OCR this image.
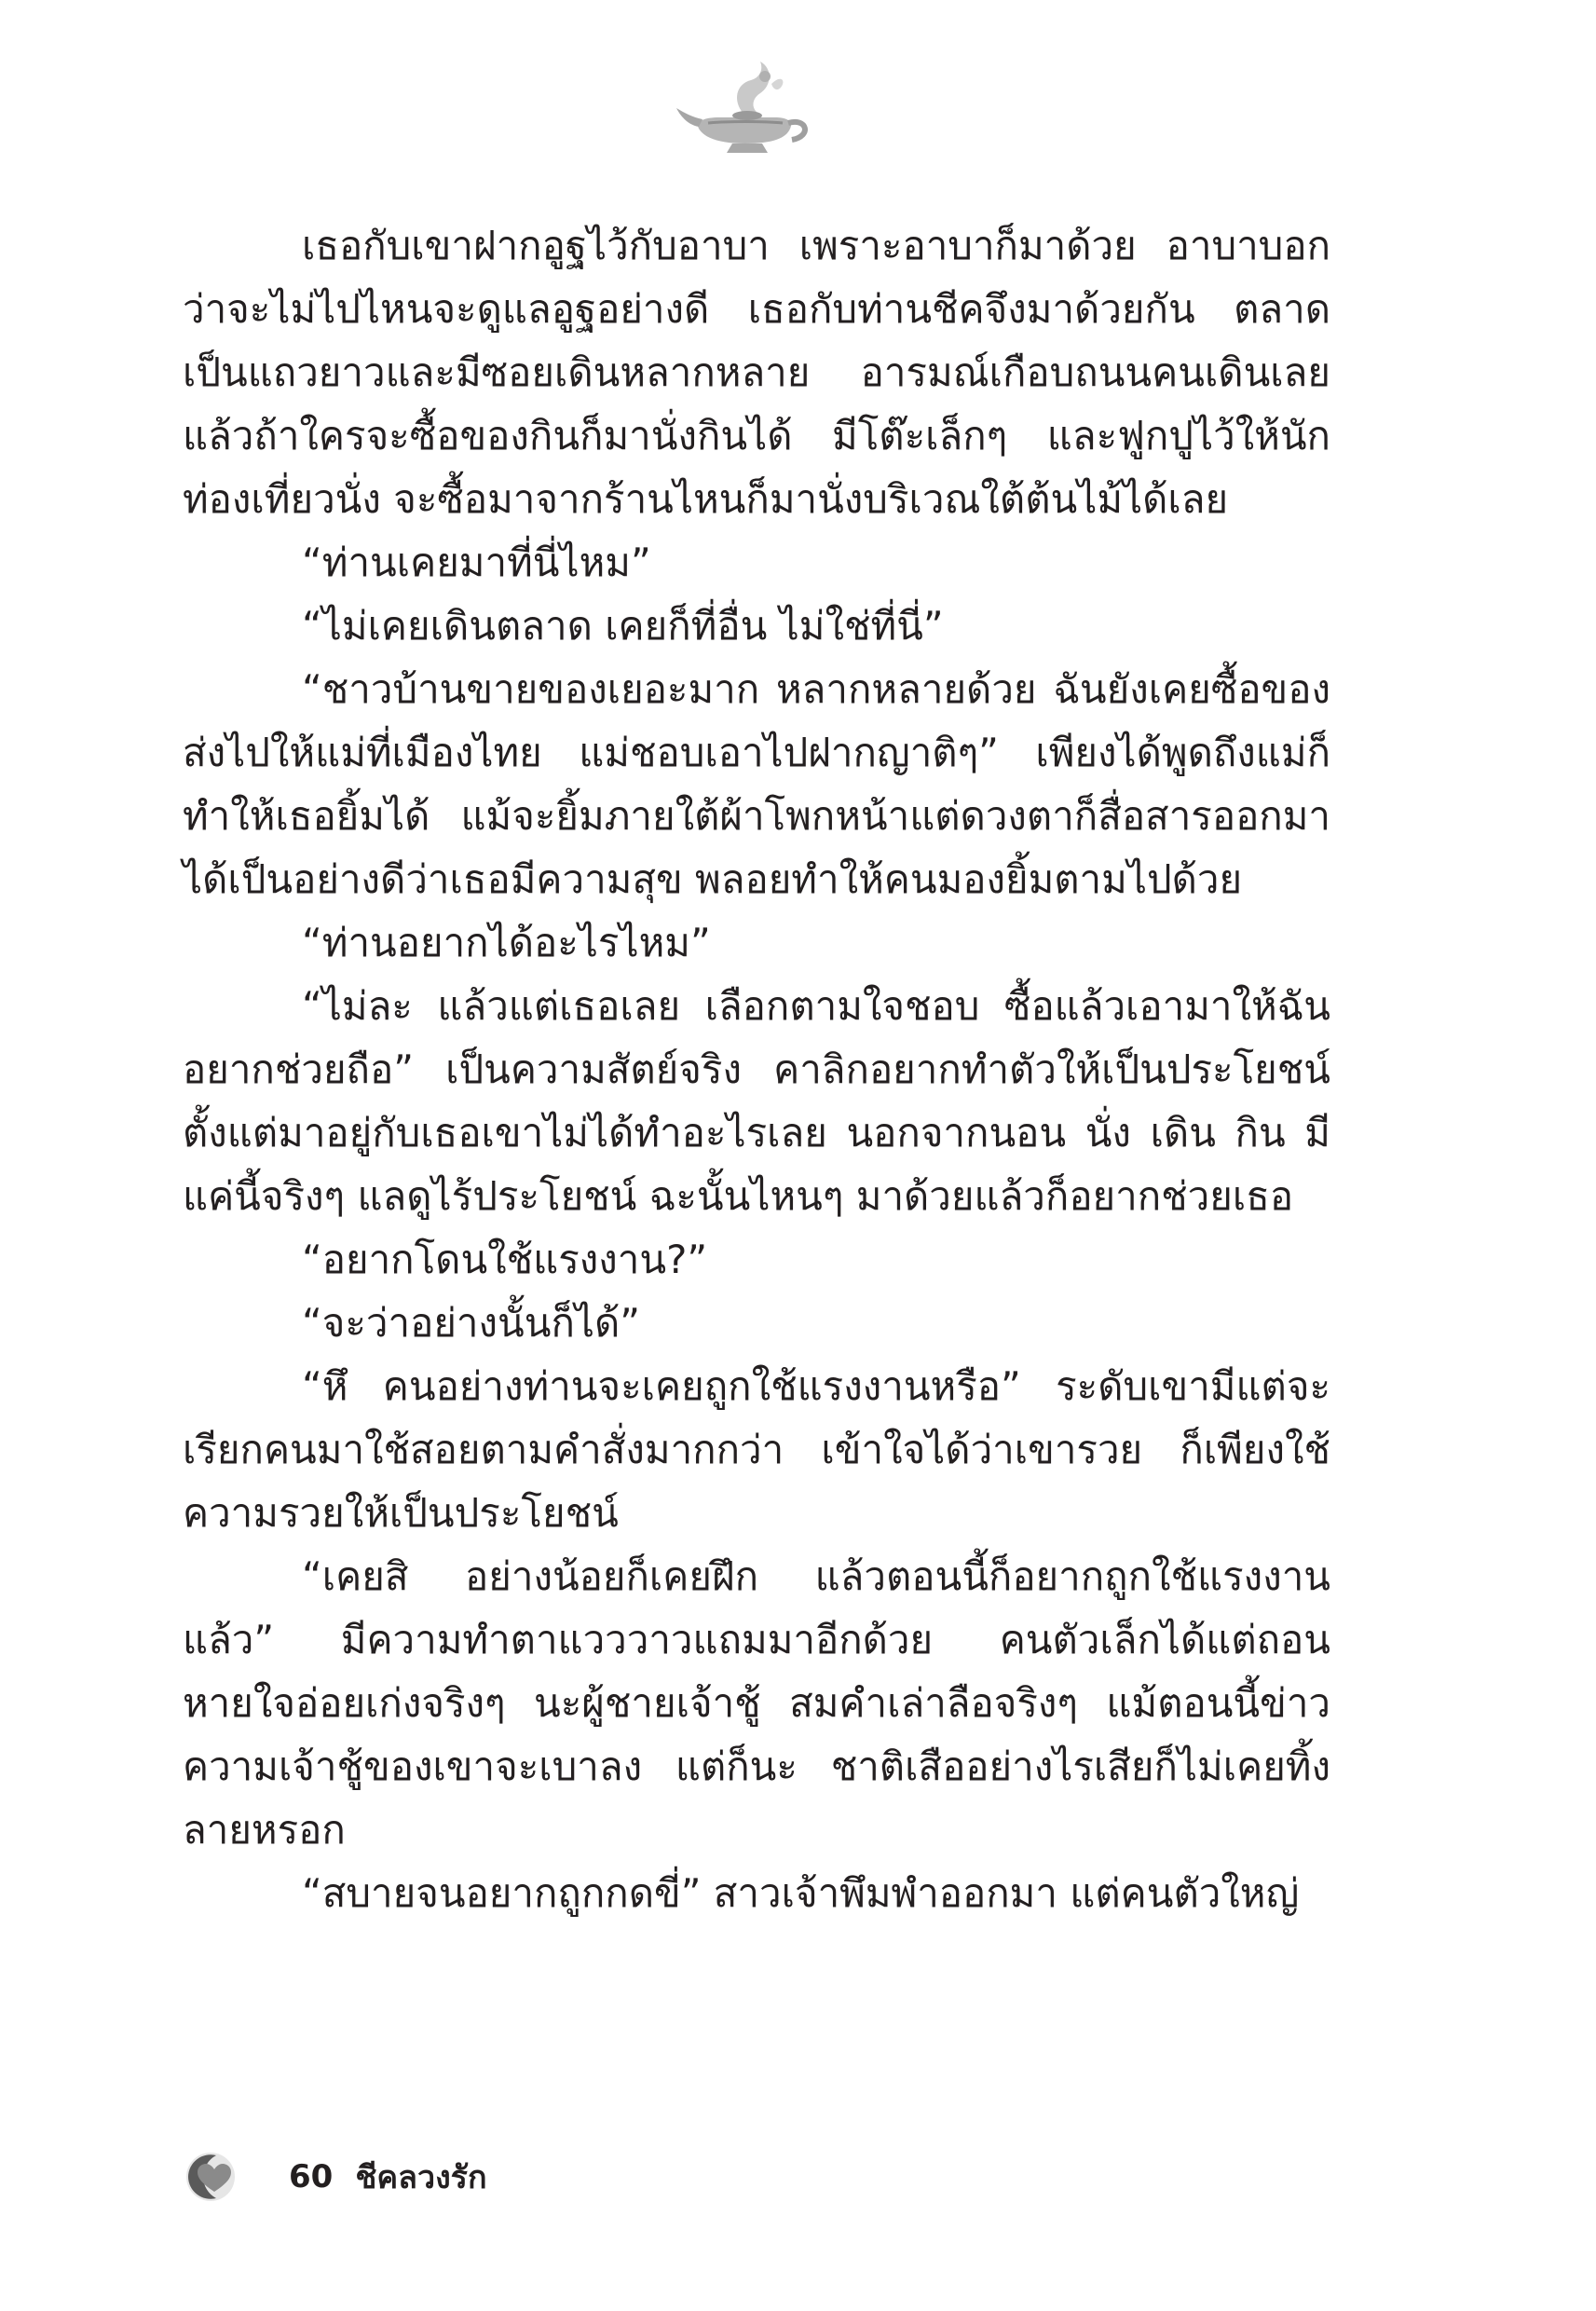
เธอกับเขาฝากอูฐไว้กับอาบา เพราะอาบาก็มาด้วย อาบาบอกว่าจะไม่ไปไหนจะดูแลอูฐอย่างดี เธอกับท่านชีคจึงมาด้วยกัน ตลาดเป็นแถวยาวและมีซอยเดินหลากหลาย อารมณ์เกือบถนนคนเดินเลย แล้วถ้าใครจะซื้อของกินก็มานั่งกินได้ มีโต๊ะเล็กๆ และฟูกปูไว้ให้นักท่องเที่ยวนั่ง จะซื้อมาจากร้านไหนก็มานั่งบริเวณใต้ต้นไม้ได้เลย

“ท่านเคยมาที่นี่ไหม”

“ไม่เคยเดินตลาด เคยก็ที่อื่น ไม่ใช่ที่นี่”

“ชาวบ้านขายของเยอะมาก หลากหลายด้วย ฉันยังเคยซื้อของส่งไปให้แม่ที่เมืองไทย แม่ชอบเอาไปฝากญาติๆ” เพียงได้พูดถึงแม่ก็ทำให้เธอยิ้มได้ แม้จะยิ้มภายใต้ผ้าโพกหน้าแต่ดวงตาก็สื่อสารออกมาได้เป็นอย่างดีว่าเธอมีความสุข พลอยทำให้คนมองยิ้มตามไปด้วย

“ท่านอยากได้อะไรไหม”

“ไม่ละ แล้วแต่เธอเลย เลือกตามใจชอบ ซื้อแล้วเอามาให้ฉันอยากช่วยถือ” เป็นความสัตย์จริง คาลิกอยากทำตัวให้เป็นประโยชน์ตั้งแต่มาอยู่กับเธอเขาไม่ได้ทำอะไรเลย นอกจากนอน นั่ง เดิน กิน มีแค่นี้จริงๆ แลดูไร้ประโยชน์ ฉะนั้นไหนๆ มาด้วยแล้วก็อยากช่วยเธอ

“อยากโดนใช้แรงงาน?”

“จะว่าอย่างนั้นก็ได้”

“หึ คนอย่างท่านจะเคยถูกใช้แรงงานหรือ” ระดับเขามีแต่จะเรียกคนมาใช้สอยตามคำสั่งมากกว่า เข้าใจได้ว่าเขารวย ก็เพียงใช้ความรวยให้เป็นประโยชน์

“เคยสิ อย่างน้อยก็เคยฝึก แล้วตอนนี้ก็อยากถูกใช้แรงงานแล้ว” มีความทำตาแวววาวแถมมาอีกด้วย คนตัวเล็กได้แต่ถอนหายใจอ่อยเก่งจริงๆ นะผู้ชายเจ้าชู้ สมคำเล่าลือจริงๆ แม้ตอนนี้ข่าวความเจ้าชู้ของเขาจะเบาลง แต่ก็นะ ชาติเสืออย่างไรเสียก็ไม่เคยทิ้งลายหรอก

“สบายจนอยากถูกกดขี่” สาวเจ้าพึมพำออกมา แต่คนตัวใหญ่

60 ชีคลวงรัก
